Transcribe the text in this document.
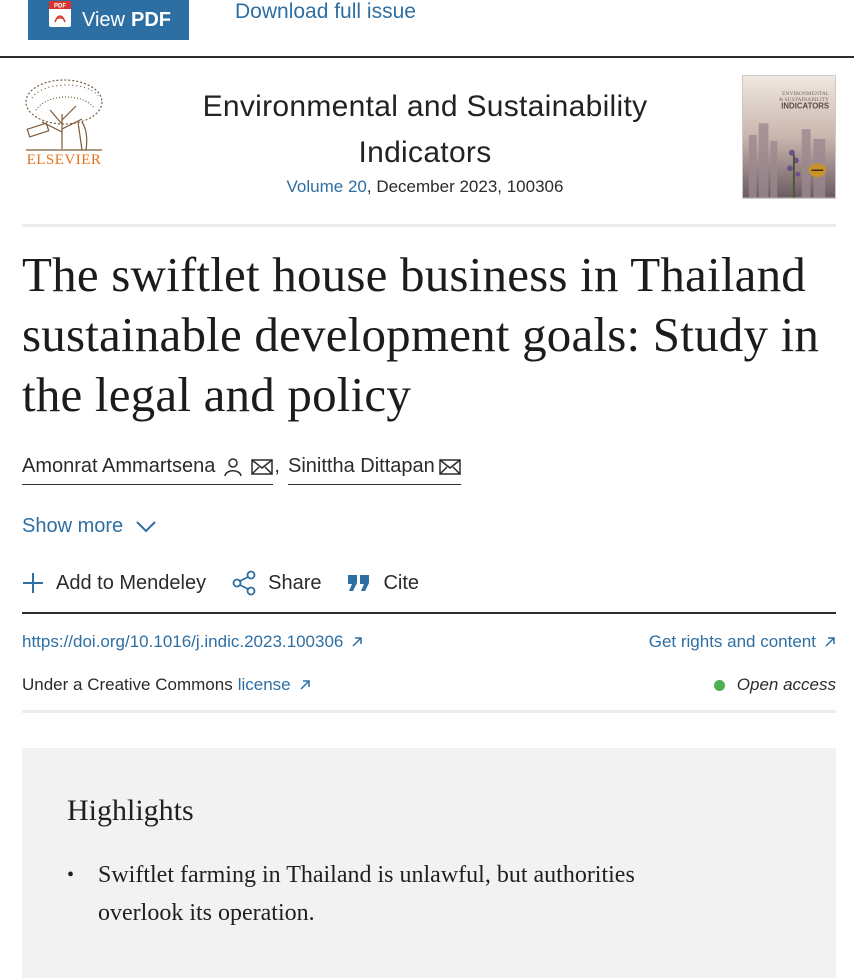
PDF
View PDF	Download full issue
ELSEVIER
Environmental and Sustainability Indicators
Volume 20, December 2023, 100306
ENVIRONMENTAL
& SUSTAINABILITY
INDICATORS
The swiftlet house business in Thailand sustainable development goals: Study in the legal and policy
Amonrat Ammartsena	, Sinittha Dittapan
Show more
Add to Mendeley	Share	Cite
https://doi.org/10.1016/j.indic.2023.100306	Get rights and content
Under a Creative Commons license	Open access
Highlights
• Swiftlet farming in Thailand is unlawful, but authorities overlook its operation.
